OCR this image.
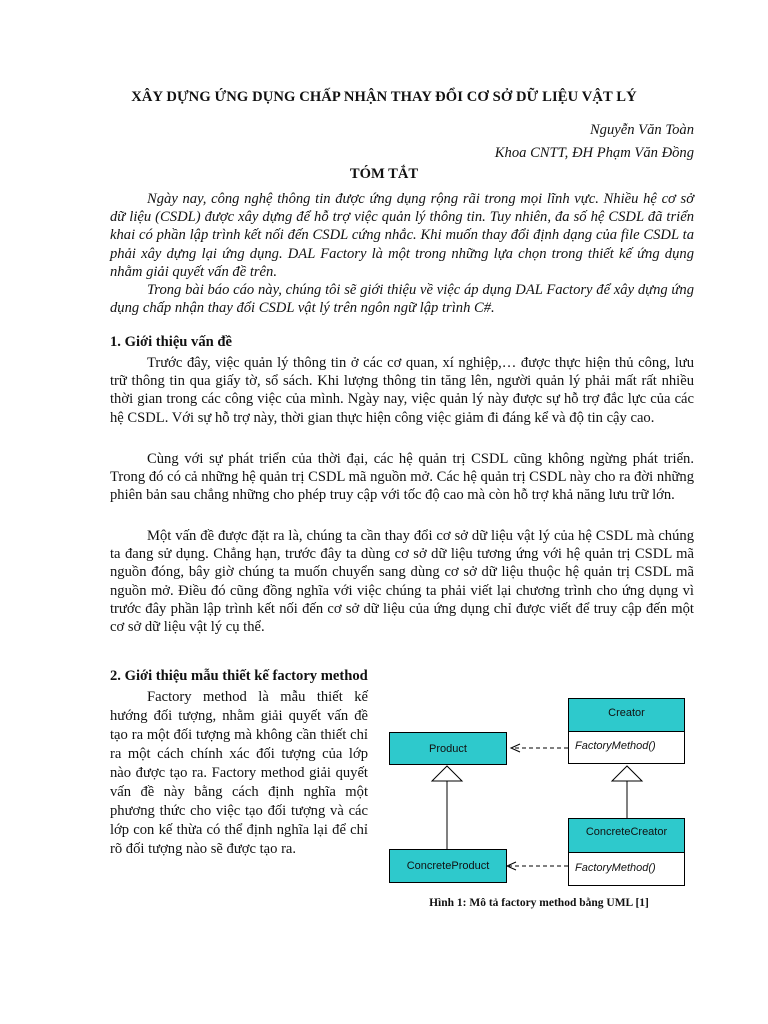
XÂY DỰNG ỨNG DỤNG CHẤP NHẬN THAY ĐỔI CƠ SỞ DỮ LIỆU VẬT LÝ
Nguyễn Văn Toàn
Khoa CNTT, ĐH Phạm Văn Đồng
TÓM TẮT

Ngày nay, công nghệ thông tin được ứng dụng rộng rãi trong mọi lĩnh vực. Nhiều hệ cơ sở dữ liệu (CSDL) được xây dựng để hỗ trợ việc quản lý thông tin. Tuy nhiên, đa số hệ CSDL đã triển khai có phần lập trình kết nối đến CSDL cứng nhắc. Khi muốn thay đổi định dạng của file CSDL ta phải xây dựng lại ứng dụng. DAL Factory là một trong những lựa chọn trong thiết kế ứng dụng nhằm giải quyết vấn đề trên.

Trong bài báo cáo này, chúng tôi sẽ giới thiệu về việc áp dụng DAL Factory để xây dựng ứng dụng chấp nhận thay đổi CSDL vật lý trên ngôn ngữ lập trình C#.

1. Giới thiệu vấn đề

Trước đây, việc quản lý thông tin ở các cơ quan, xí nghiệp,… được thực hiện thủ công, lưu trữ thông tin qua giấy tờ, sổ sách. Khi lượng thông tin tăng lên, người quản lý phải mất rất nhiều thời gian trong các công việc của mình. Ngày nay, việc quản lý này được sự hỗ trợ đắc lực của các hệ CSDL. Với sự hỗ trợ này, thời gian thực hiện công việc giảm đi đáng kể và độ tin cậy cao.

Cùng với sự phát triển của thời đại, các hệ quản trị CSDL cũng không ngừng phát triển. Trong đó có cả những hệ quản trị CSDL mã nguồn mở. Các hệ quản trị CSDL này cho ra đời những phiên bản sau chẳng những cho phép truy cập với tốc độ cao mà còn hỗ trợ khả năng lưu trữ lớn.

Một vấn đề được đặt ra là, chúng ta cần thay đổi cơ sở dữ liệu vật lý của hệ CSDL mà chúng ta đang sử dụng. Chẳng hạn, trước đây ta dùng cơ sở dữ liệu tương ứng với hệ quản trị CSDL mã nguồn đóng, bây giờ chúng ta muốn chuyển sang dùng cơ sở dữ liệu thuộc hệ quản trị CSDL mã nguồn mở. Điều đó cũng đồng nghĩa với việc chúng ta phải viết lại chương trình cho ứng dụng vì trước đây phần lập trình kết nối đến cơ sở dữ liệu của ứng dụng chỉ được viết để truy cập đến một cơ sở dữ liệu vật lý cụ thể.

2. Giới thiệu mẫu thiết kế factory method

Factory method là mẫu thiết kế hướng đối tượng, nhằm giải quyết vấn đề tạo ra một đối tượng mà không cần thiết chỉ ra một cách chính xác đối tượng của lớp nào được tạo ra. Factory method giải quyết vấn đề này bằng cách định nghĩa một phương thức cho việc tạo đối tượng và các lớp con kế thừa có thể định nghĩa lại để chỉ rõ đối tượng nào sẽ được tạo ra.

Creator
FactoryMethod()
Product
ConcreteCreator
FactoryMethod()
ConcreteProduct
Hình 1: Mô tả factory method bằng UML [1]
